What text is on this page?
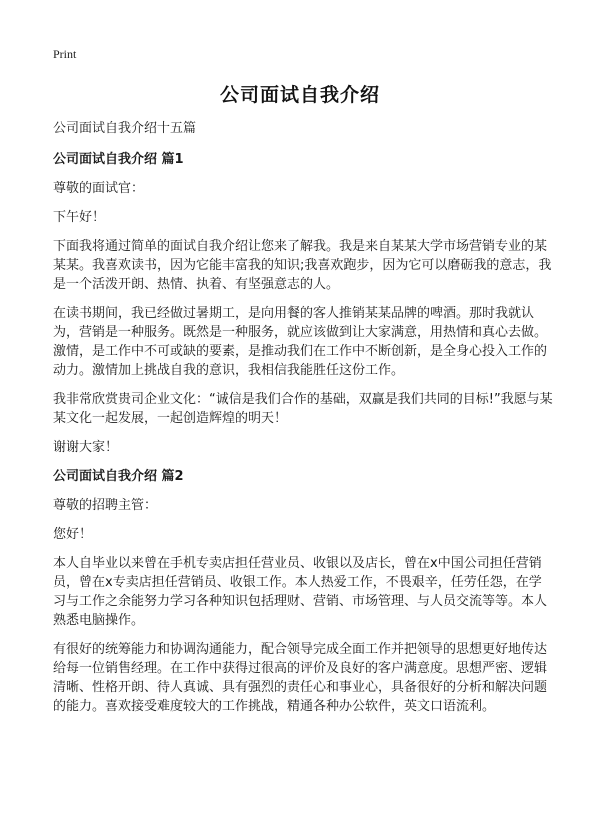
Print
公司面试自我介绍

公司面试自我介绍十五篇

公司面试自我介绍 篇1

尊敬的面试官：

下午好！

下面我将通过简单的面试自我介绍让您来了解我。我是来自某某大学市场营销专业的某某某。我喜欢读书，因为它能丰富我的知识;我喜欢跑步，因为它可以磨砺我的意志，我是一个活泼开朗、热情、执着、有坚强意志的人。

在读书期间，我已经做过暑期工，是向用餐的客人推销某某品牌的啤酒。那时我就认为，营销是一种服务。既然是一种服务，就应该做到让大家满意，用热情和真心去做。激情，是工作中不可或缺的要素，是推动我们在工作中不断创新，是全身心投入工作的动力。激情加上挑战自我的意识，我相信我能胜任这份工作。

我非常欣赏贵司企业文化：“诚信是我们合作的基础，双赢是我们共同的目标!”我愿与某某文化一起发展，一起创造辉煌的明天！

谢谢大家！

公司面试自我介绍 篇2

尊敬的招聘主管：

您好！

本人自毕业以来曾在手机专卖店担任营业员、收银以及店长，曾在x中国公司担任营销员，曾在x专卖店担任营销员、收银工作。本人热爱工作，不畏艰辛，任劳任怨，在学习与工作之余能努力学习各种知识包括理财、营销、市场管理、与人员交流等等。本人熟悉电脑操作。

有很好的统筹能力和协调沟通能力，配合领导完成全面工作并把领导的思想更好地传达给每一位销售经理。在工作中获得过很高的评价及良好的客户满意度。思想严密、逻辑清晰、性格开朗、待人真诚、具有强烈的责任心和事业心，具备很好的分析和解决问题的能力。喜欢接受难度较大的工作挑战，精通各种办公软件，英文口语流利。
